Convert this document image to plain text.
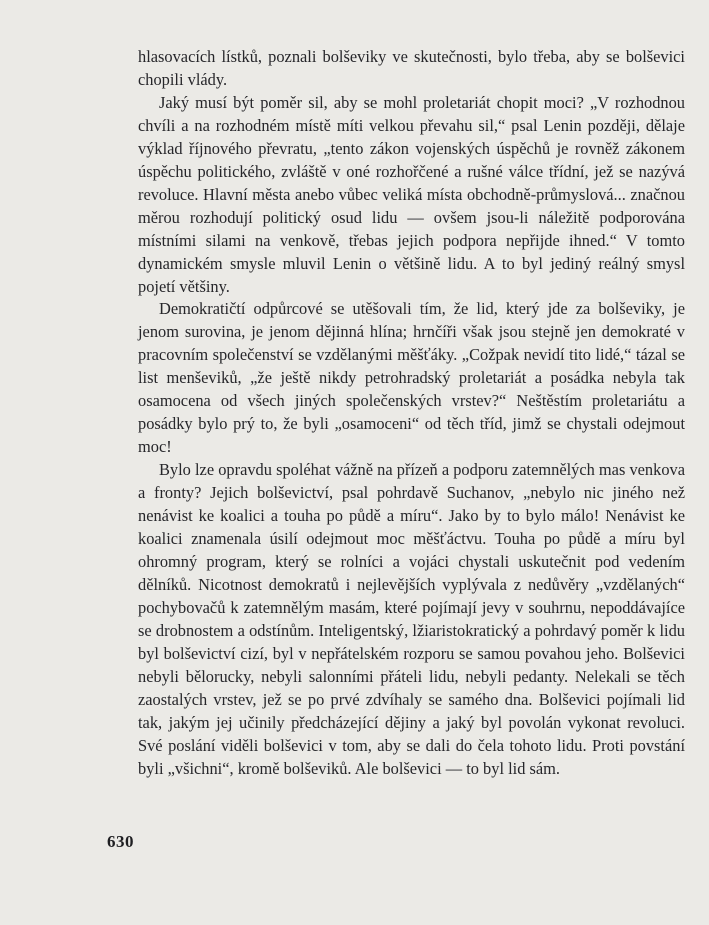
hlasovacích lístků, poznali bolševiky ve skutečnosti, bylo třeba, aby se bolševici chopili vlády.

Jaký musí být poměr sil, aby se mohl proletariát chopit moci? „V rozhodnou chvíli a na rozhodném místě míti velkou převahu sil,“ psal Lenin později, dělaje výklad říjnového převratu, „tento zákon vojenských úspěchů je rovněž zákonem úspěchu politického, zvláště v oné rozhořčené a rušné válce třídní, jež se nazývá revoluce. Hlavní města anebo vůbec veliká místa obchodně-průmyslová... značnou měrou rozhodují politický osud lidu — ovšem jsou-li náležitě podporována místními silami na venkově, třebas jejich podpora nepřijde ihned.“ V tomto dynamickém smysle mluvil Lenin o většině lidu. A to byl jediný reálný smysl pojetí většiny.

Demokratičtí odpůrcové se utěšovali tím, že lid, který jde za bolševiky, je jenom surovina, je jenom dějinná hlína; hrnčíři však jsou stejně jen demokraté v pracovním společenství se vzdělanými měšťáky. „Cožpak nevidí tito lidé,“ tázal se list menševiků, „že ještě nikdy petrohradský proletariát a posádka nebyla tak osamocena od všech jiných společenských vrstev?“ Neštěstím proletariátu a posádky bylo prý to, že byli „osamoceni“ od těch tříd, jimž se chystali odejmout moc!

Bylo lze opravdu spoléhat vážně na přízeň a podporu zatemnělých mas venkova a fronty? Jejich bolševictví, psal pohrdavě Suchanov, „nebylo nic jiného než nenávist ke koalici a touha po půdě a míru“. Jako by to bylo málo! Nenávist ke koalici znamenala úsilí odejmout moc měšťáctvu. Touha po půdě a míru byl ohromný program, který se rolníci a vojáci chystali uskutečnit pod vedením dělníků. Nicotnost demokratů i nejlevějších vyplývala z nedůvěry „vzdělaných“ pochybovačů k zatemnělým masám, které pojímají jevy v souhrnu, nepoddávajíce se drobnostem a odstínům. Inteligentský, lžiaristokratický a pohrdavý poměr k lidu byl bolševictví cizí, byl v nepřátelském rozporu se samou povahou jeho. Bolševici nebyli bělorucky, nebyli salonními přáteli lidu, nebyli pedanty. Nelekali se těch zaostalých vrstev, jež se po prvé zdvíhaly se samého dna. Bolševici pojímali lid tak, jakým jej učinily předcházející dějiny a jaký byl povolán vykonat revoluci. Své poslání viděli bolševici v tom, aby se dali do čela tohoto lidu. Proti povstání byli „všichni“, kromě bolševiků. Ale bolševici — to byl lid sám.

630
